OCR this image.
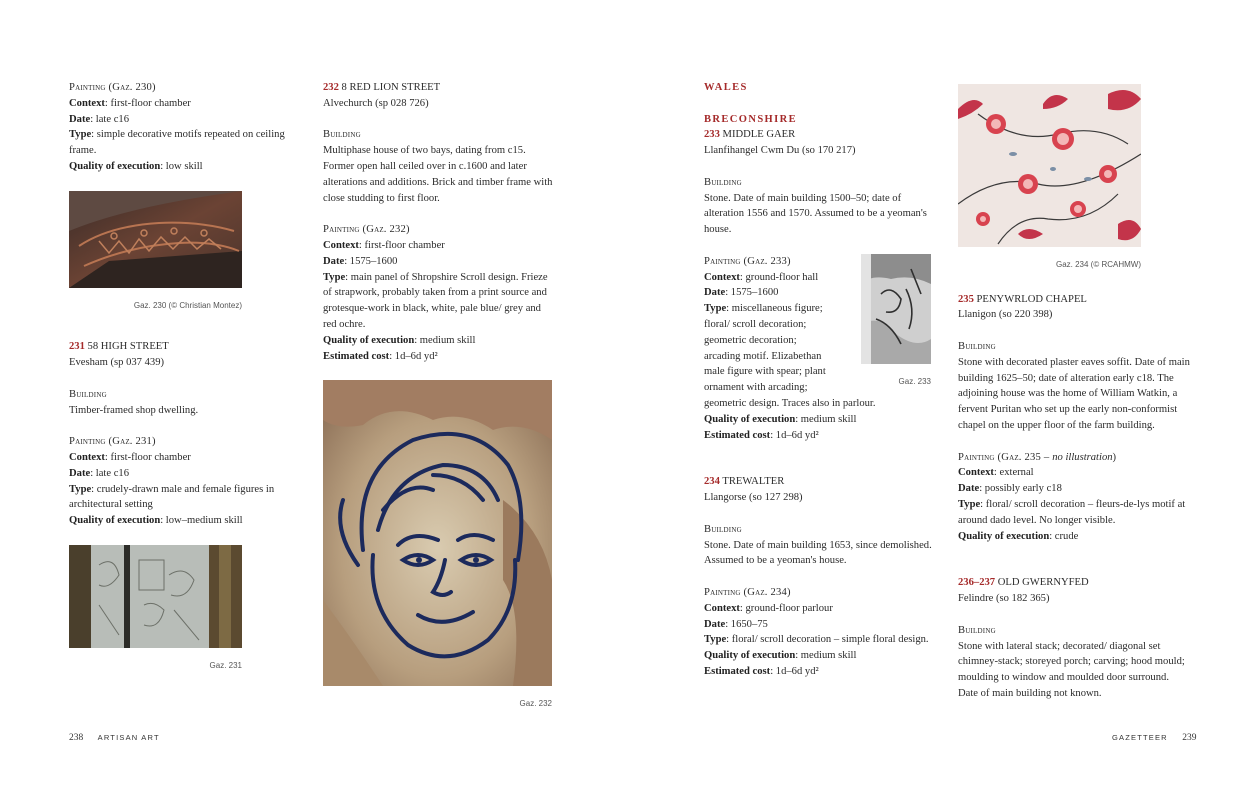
Painting (Gaz. 230)

Context: first-floor chamber

Date: late c16

Type: simple decorative motifs repeated on ceiling frame.

Quality of execution: low skill

Gaz. 230 (© Christian Montez)

231 58 HIGH STREET

Evesham (sp 037 439)

Building

Timber-framed shop dwelling.

Painting (Gaz. 231)

Context: first-floor chamber

Date: late c16

Type: crudely-drawn male and female figures in architectural setting

Quality of execution: low–medium skill

Gaz. 231

232 8 RED LION STREET

Alvechurch (sp 028 726)

Building

Multiphase house of two bays, dating from c15. Former open hall ceiled over in c.1600 and later alterations and additions. Brick and timber frame with close studding to first floor.

Painting (Gaz. 232)

Context: first-floor chamber

Date: 1575–1600

Type: main panel of Shropshire Scroll design. Frieze of strapwork, probably taken from a print source and grotesque-work in black, white, pale blue/ grey and red ochre.

Quality of execution: medium skill

Estimated cost: 1d–6d yd²

Gaz. 232

WALES

BRECONSHIRE

233 MIDDLE GAER

Llanfihangel Cwm Du (so 170 217)

Building

Stone. Date of main building 1500–50; date of alteration 1556 and 1570. Assumed to be a yeoman's house.

Gaz. 233

Painting (Gaz. 233)

Context: ground-floor hall

Date: 1575–1600

Type: miscellaneous figure;

floral/ scroll decoration;

geometric decoration;

arcading motif. Elizabethan

male figure with spear; plant

ornament with arcading;

geometric design. Traces also in parlour.

Quality of execution: medium skill

Estimated cost: 1d–6d yd²

234 TREWALTER

Llangorse (so 127 298)

Building

Stone. Date of main building 1653, since demolished. Assumed to be a yeoman's house.

Painting (Gaz. 234)

Context: ground-floor parlour

Date: 1650–75

Type: floral/ scroll decoration – simple floral design.

Quality of execution: medium skill

Estimated cost: 1d–6d yd²

Gaz. 234 (© RCAHMW)

235 PENYWRLOD CHAPEL

Llanigon (so 220 398)

Building

Stone with decorated plaster eaves soffit. Date of main building 1625–50; date of alteration early c18. The adjoining house was the home of William Watkin, a fervent Puritan who set up the early non-conformist chapel on the upper floor of the farm building.

Painting (Gaz. 235 – no illustration)

Context: external

Date: possibly early c18

Type: floral/ scroll decoration – fleurs-de-lys motif at around dado level. No longer visible.

Quality of execution: crude

236–237 OLD GWERNYFED

Felindre (so 182 365)

Building

Stone with lateral stack; decorated/ diagonal set chimney-stack; storeyed porch; carving; hood mould; moulding to window and moulded door surround. Date of main building not known.

238 ARTISAN ART	GAZETTEER 239
